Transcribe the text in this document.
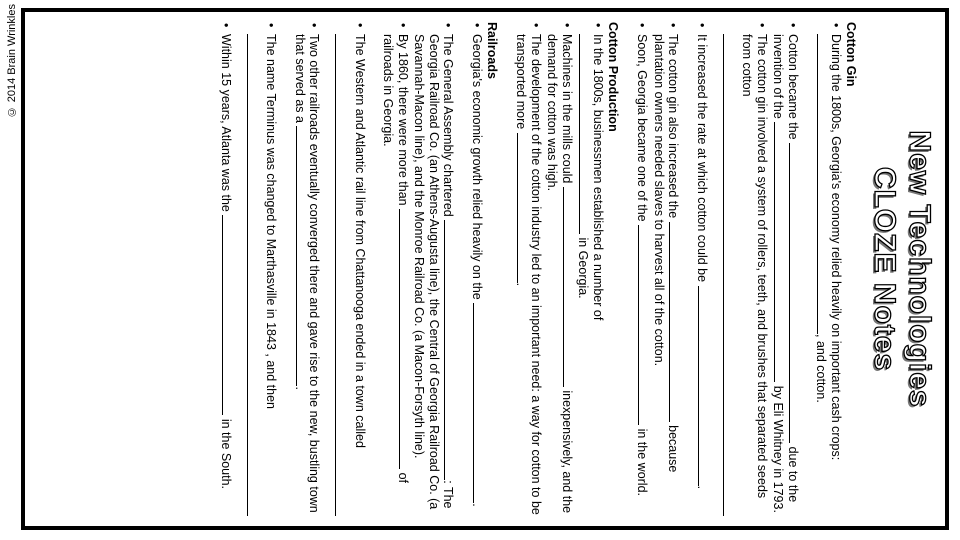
© 2014 Brain Wrinkles
New Technologies
CLOZE Notes
Cotton Gin
• During the 1800s, Georgia's economy relied heavily on important cash crops: , and cotton.
• Cotton became the  due to the invention of the  by Eli Whitney in 1793.
• The cotton gin involved a system of rollers, teeth, and brushes that separated seeds from cotton
• It increased the rate at which cotton could be .
• The cotton gin also increased the  because plantation owners needed slaves to harvest all of the cotton.
• Soon, Georgia became one of the  in the world.
Cotton Production
• In the 1800s, businessmen established a number of  in Georgia.
• Machines in the mills could  inexpensively, and the demand for cotton was high.
• The development of the cotton industry led to an important need: a way for cotton to be transported more .
Railroads
• Georgia's economic growth relied heavily on the .
• The General Assembly chartered : The Georgia Railroad Co. (an Athens-Augusta line), the Central of Georgia Railroad Co. (a Savannah-Macon line), and the Monroe Railroad Co. (a Macon-Forsyth line).
• By 1860, there were more than  of railroads in Georgia.
• The Western and Atlantic rail line from Chattanooga ended in a town called
• Two other railroads eventually converged there and gave rise to the new, bustling town that served as a .
• The name Terminus was changed to Marthasville in 1843 , and then
• Within 15 years, Atlanta was the  in the South.
